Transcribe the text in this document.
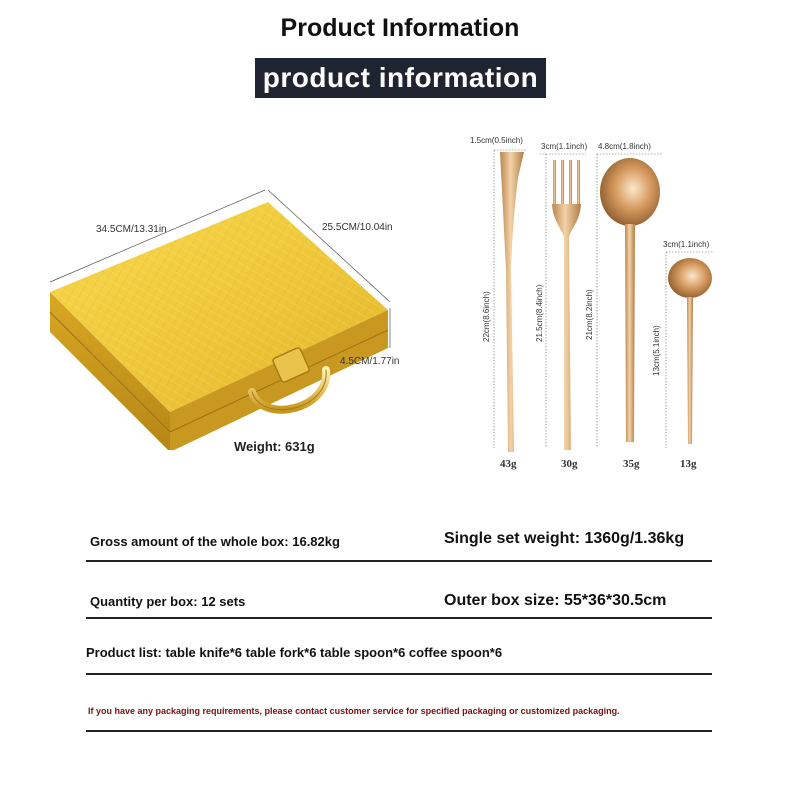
Product Information
product information
34.5CM/13.31in	25.5CM/10.04in
4.5CM/1.77in
Weight: 631g
1.5cm(0.5inch)
3cm(1.1inch) 4.8cm(1.8inch)
3cm(1.1inch)
22cm(8.6inch)	21.5cm(8.4inch)	21cm(8.2inch)
13cm(5.1inch)
43g	30g	35g	13g
Gross amount of the whole box: 16.82kg	Single set weight: 1360g/1.36kg
Quantity per box: 12 sets	Outer box size: 55*36*30.5cm
Product list: table knife*6 table fork*6 table spoon*6 coffee spoon*6
If you have any packaging requirements, please contact customer service for specified packaging or customized packaging.
